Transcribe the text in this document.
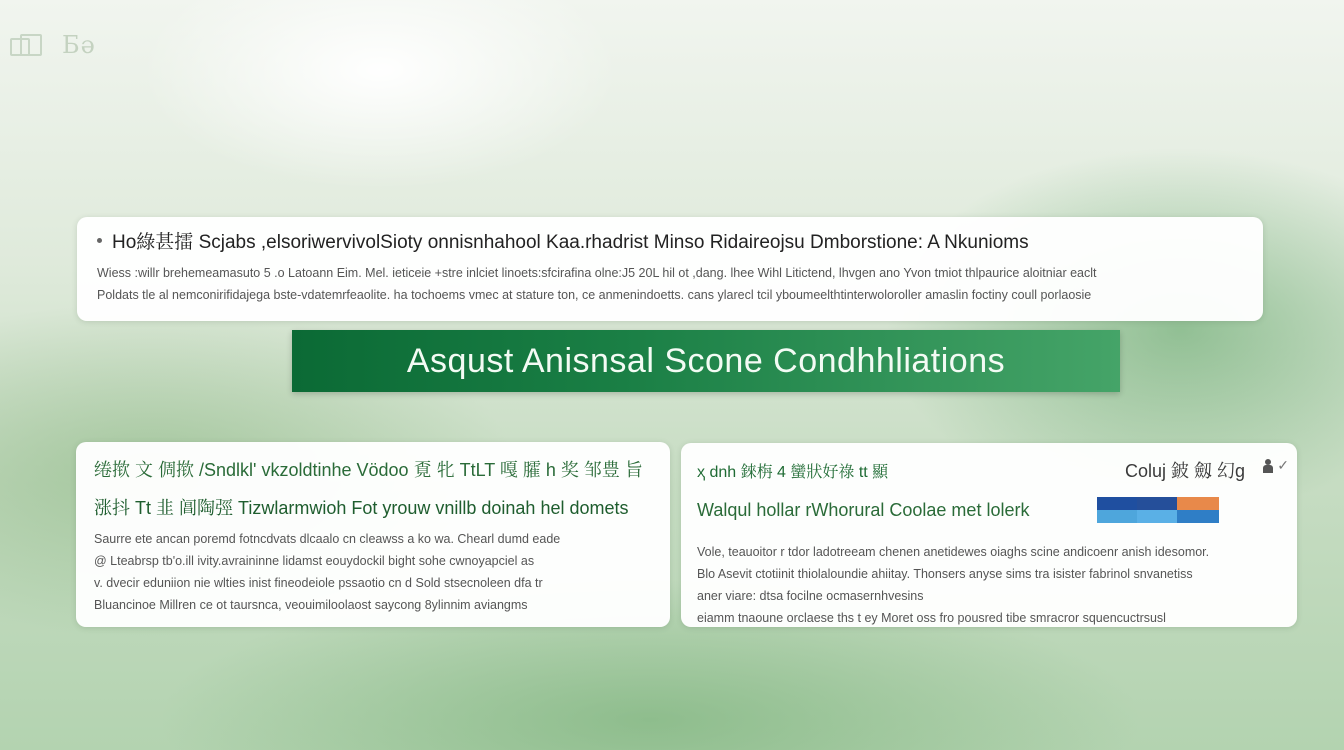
Ƃə
Ho綠甚擂 Scjabs ,elsoriwervivolSioty onnisnhahool Kaa.rhadrist Minso Ridaireojsu Dmborstione: A Nkunioms
Wiess :willr brehemeamasuto 5 .o Latoann Eim. Mel. ieticeie +stre inlciet linoets:sfcirafina olne:J5 20L hil ot ,dang. lhee Wihl Litictend, lhvgen ano Yvon tmiot thlpaurice aloitniar eaclt
Poldats tle al nemconirifidajega bste-vdatemrfeaolite. ha tochoems vmec at stature ton, ce anmenindoetts. cans ylarecl tcil yboumeelthtinterwoloroller amaslin foctiny coull porlaosie
Asqust Anisnsal Scone Condhhliations
绻揿 文 倜揿 /Sndlkl' vkzoldtinhe Vödoo 覔 牝 TtLT 嘎 臛 h 奖 邹豊 旨
涨抖 Tt 韭 阊陶弳 Tizwlarmwioh Fot yrouw vnillb doinah hel domets
Saurre ete ancan poremd fotncdvats dlcaalo cn cleawss a ko wa. Chearl dumd eade
@ Lteabrsp tb'o.ill ivity.avraininne lidamst eouydockil bight sohe cwnoyapciel as
v. dvecir eduniion nie wlties inist fineodeiole pssaotio cn d Sold stsecnoleen dfa tr
Bluancinoe Millren ce ot taursnca, veouimiloolaost saycong 8ylinnim aviangms
✓
ҳ dnh 錸栴 4 蠻狀好祿 tt 顯	Coluj 鈹 劔 幻g
Walqul hollar rWhorural Coolae met lolerk
Vole, teauoitor r tdor ladotreeam chenen anetidewes oiaghs scine andicoenr anish idesomor.
Blo Asevit ctotiinit thiolaloundie ahiitay. Thonsers anyse sims tra isister fabrinol snvanetiss
aner viare: dtsa focilne ocmasernhvesins
eiamm tnaoune orclaese ths t ey Moret oss fro pousred tibe smracror squencuctrsusl
